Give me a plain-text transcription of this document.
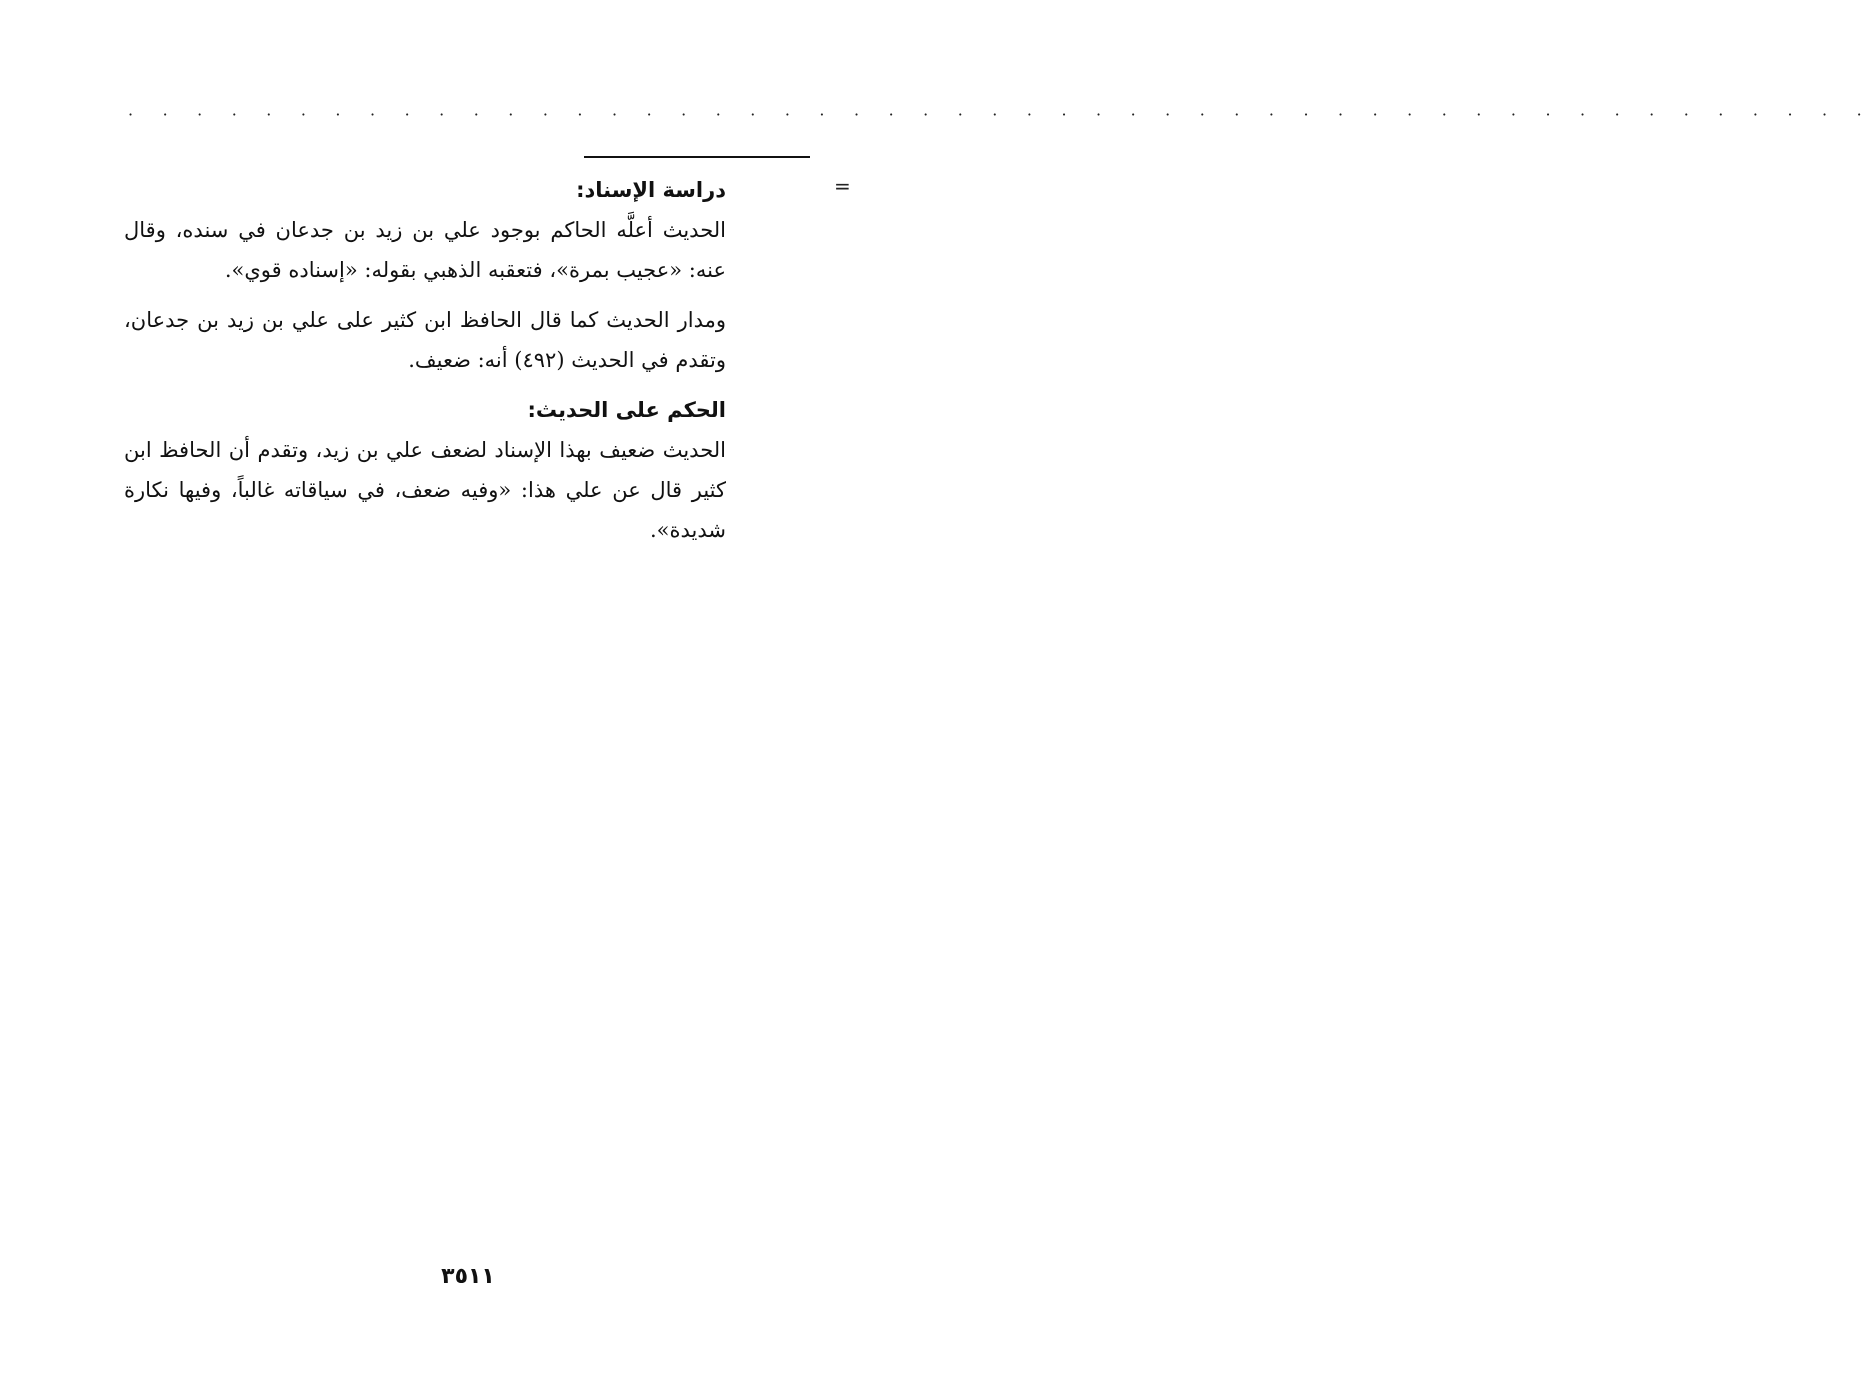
· · · · · · · · · · · · · · · · · · · · · · · · · · · · · · · · · · · · · · · · · · · · · · · · · · ·
=

دراسة الإسناد:

الحديث أعلَّه الحاكم بوجود علي بن زيد بن جدعان في سنده، وقال عنه: «عجيب بمرة»، فتعقبه الذهبي بقوله: «إسناده قوي».

ومدار الحديث كما قال الحافظ ابن كثير على علي بن زيد بن جدعان، وتقدم في الحديث (٤٩٢) أنه: ضعيف.

الحكم على الحديث:

الحديث ضعيف بهذا الإسناد لضعف علي بن زيد، وتقدم أن الحافظ ابن كثير قال عن علي هذا: «وفيه ضعف، في سياقاته غالباً، وفيها نكارة شديدة».

٣٥١١
